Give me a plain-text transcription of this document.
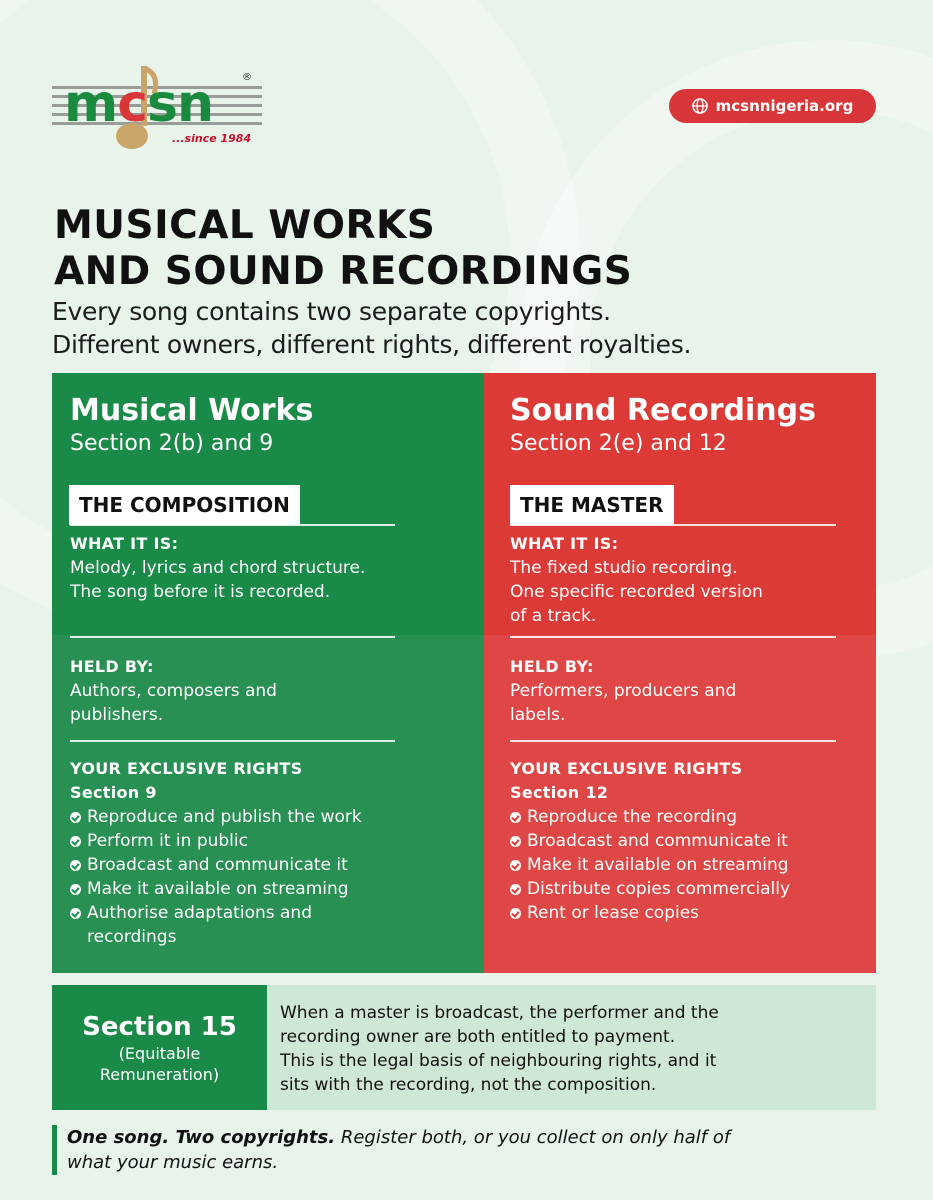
mcsn	®
...since 1984
mcsnnigeria.org
MUSICAL WORKS
AND SOUND RECORDINGS
Every song contains two separate copyrights.
Different owners, different rights, different royalties.
Musical Works
Section 2(b) and 9
THE COMPOSITION
WHAT IT IS:
Melody, lyrics and chord structure.
The song before it is recorded.
HELD BY:
Authors, composers and
publishers.
YOUR EXCLUSIVE RIGHTS
Section 9
Reproduce and publish the work
Perform it in public
Broadcast and communicate it
Make it available on streaming
Authorise adaptations and recordings
Sound Recordings
Section 2(e) and 12
THE MASTER
WHAT IT IS:
The fixed studio recording.
One specific recorded version
of a track.
HELD BY:
Performers, producers and
labels.
YOUR EXCLUSIVE RIGHTS
Section 12
Reproduce the recording
Broadcast and communicate it
Make it available on streaming
Distribute copies commercially
Rent or lease copies
Section 15
(Equitable
Remuneration)
When a master is broadcast, the performer and the
recording owner are both entitled to payment.
This is the legal basis of neighbouring rights, and it
sits with the recording, not the composition.
One song. Two copyrights. Register both, or you collect on only half of
what your music earns.
